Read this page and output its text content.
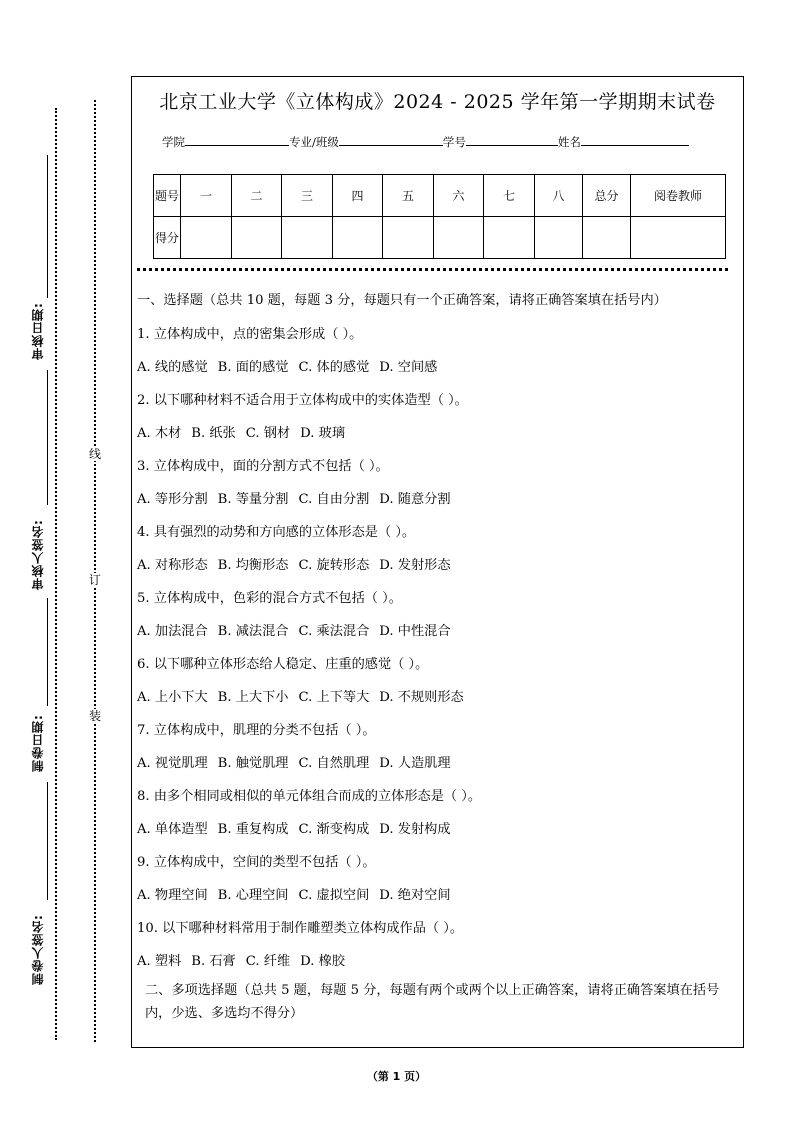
审核日期:
审核人签名:
制卷日期:
制卷人签名:
线
订
装
北京工业大学《立体构成》2024 - 2025 学年第一学期期末试卷
学院	专业/班级	学号	姓名
题号	一	二	三	四	五	六	七	八	总分	阅卷教师
得分										

一、选择题（总共 10 题，每题 3 分，每题只有一个正确答案，请将正确答案填在括号内）

1. 立体构成中，点的密集会形成（ ）。

A. 线的感觉 B. 面的感觉 C. 体的感觉 D. 空间感

2. 以下哪种材料不适合用于立体构成中的实体造型（ ）。

A. 木材 B. 纸张 C. 钢材 D. 玻璃

3. 立体构成中，面的分割方式不包括（ ）。

A. 等形分割 B. 等量分割 C. 自由分割 D. 随意分割

4. 具有强烈的动势和方向感的立体形态是（ ）。

A. 对称形态 B. 均衡形态 C. 旋转形态 D. 发射形态

5. 立体构成中，色彩的混合方式不包括（ ）。

A. 加法混合 B. 减法混合 C. 乘法混合 D. 中性混合

6. 以下哪种立体形态给人稳定、庄重的感觉（ ）。

A. 上小下大 B. 上大下小 C. 上下等大 D. 不规则形态

7. 立体构成中，肌理的分类不包括（ ）。

A. 视觉肌理 B. 触觉肌理 C. 自然肌理 D. 人造肌理

8. 由多个相同或相似的单元体组合而成的立体形态是（ ）。

A. 单体造型 B. 重复构成 C. 渐变构成 D. 发射构成

9. 立体构成中，空间的类型不包括（ ）。

A. 物理空间 B. 心理空间 C. 虚拟空间 D. 绝对空间

10. 以下哪种材料常用于制作雕塑类立体构成作品（ ）。

A. 塑料 B. 石膏 C. 纤维 D. 橡胶

二、多项选择题（总共 5 题，每题 5 分，每题有两个或两个以上正确答案，请将正确答案填在括号内，少选、多选均不得分）

（第 1 页）
